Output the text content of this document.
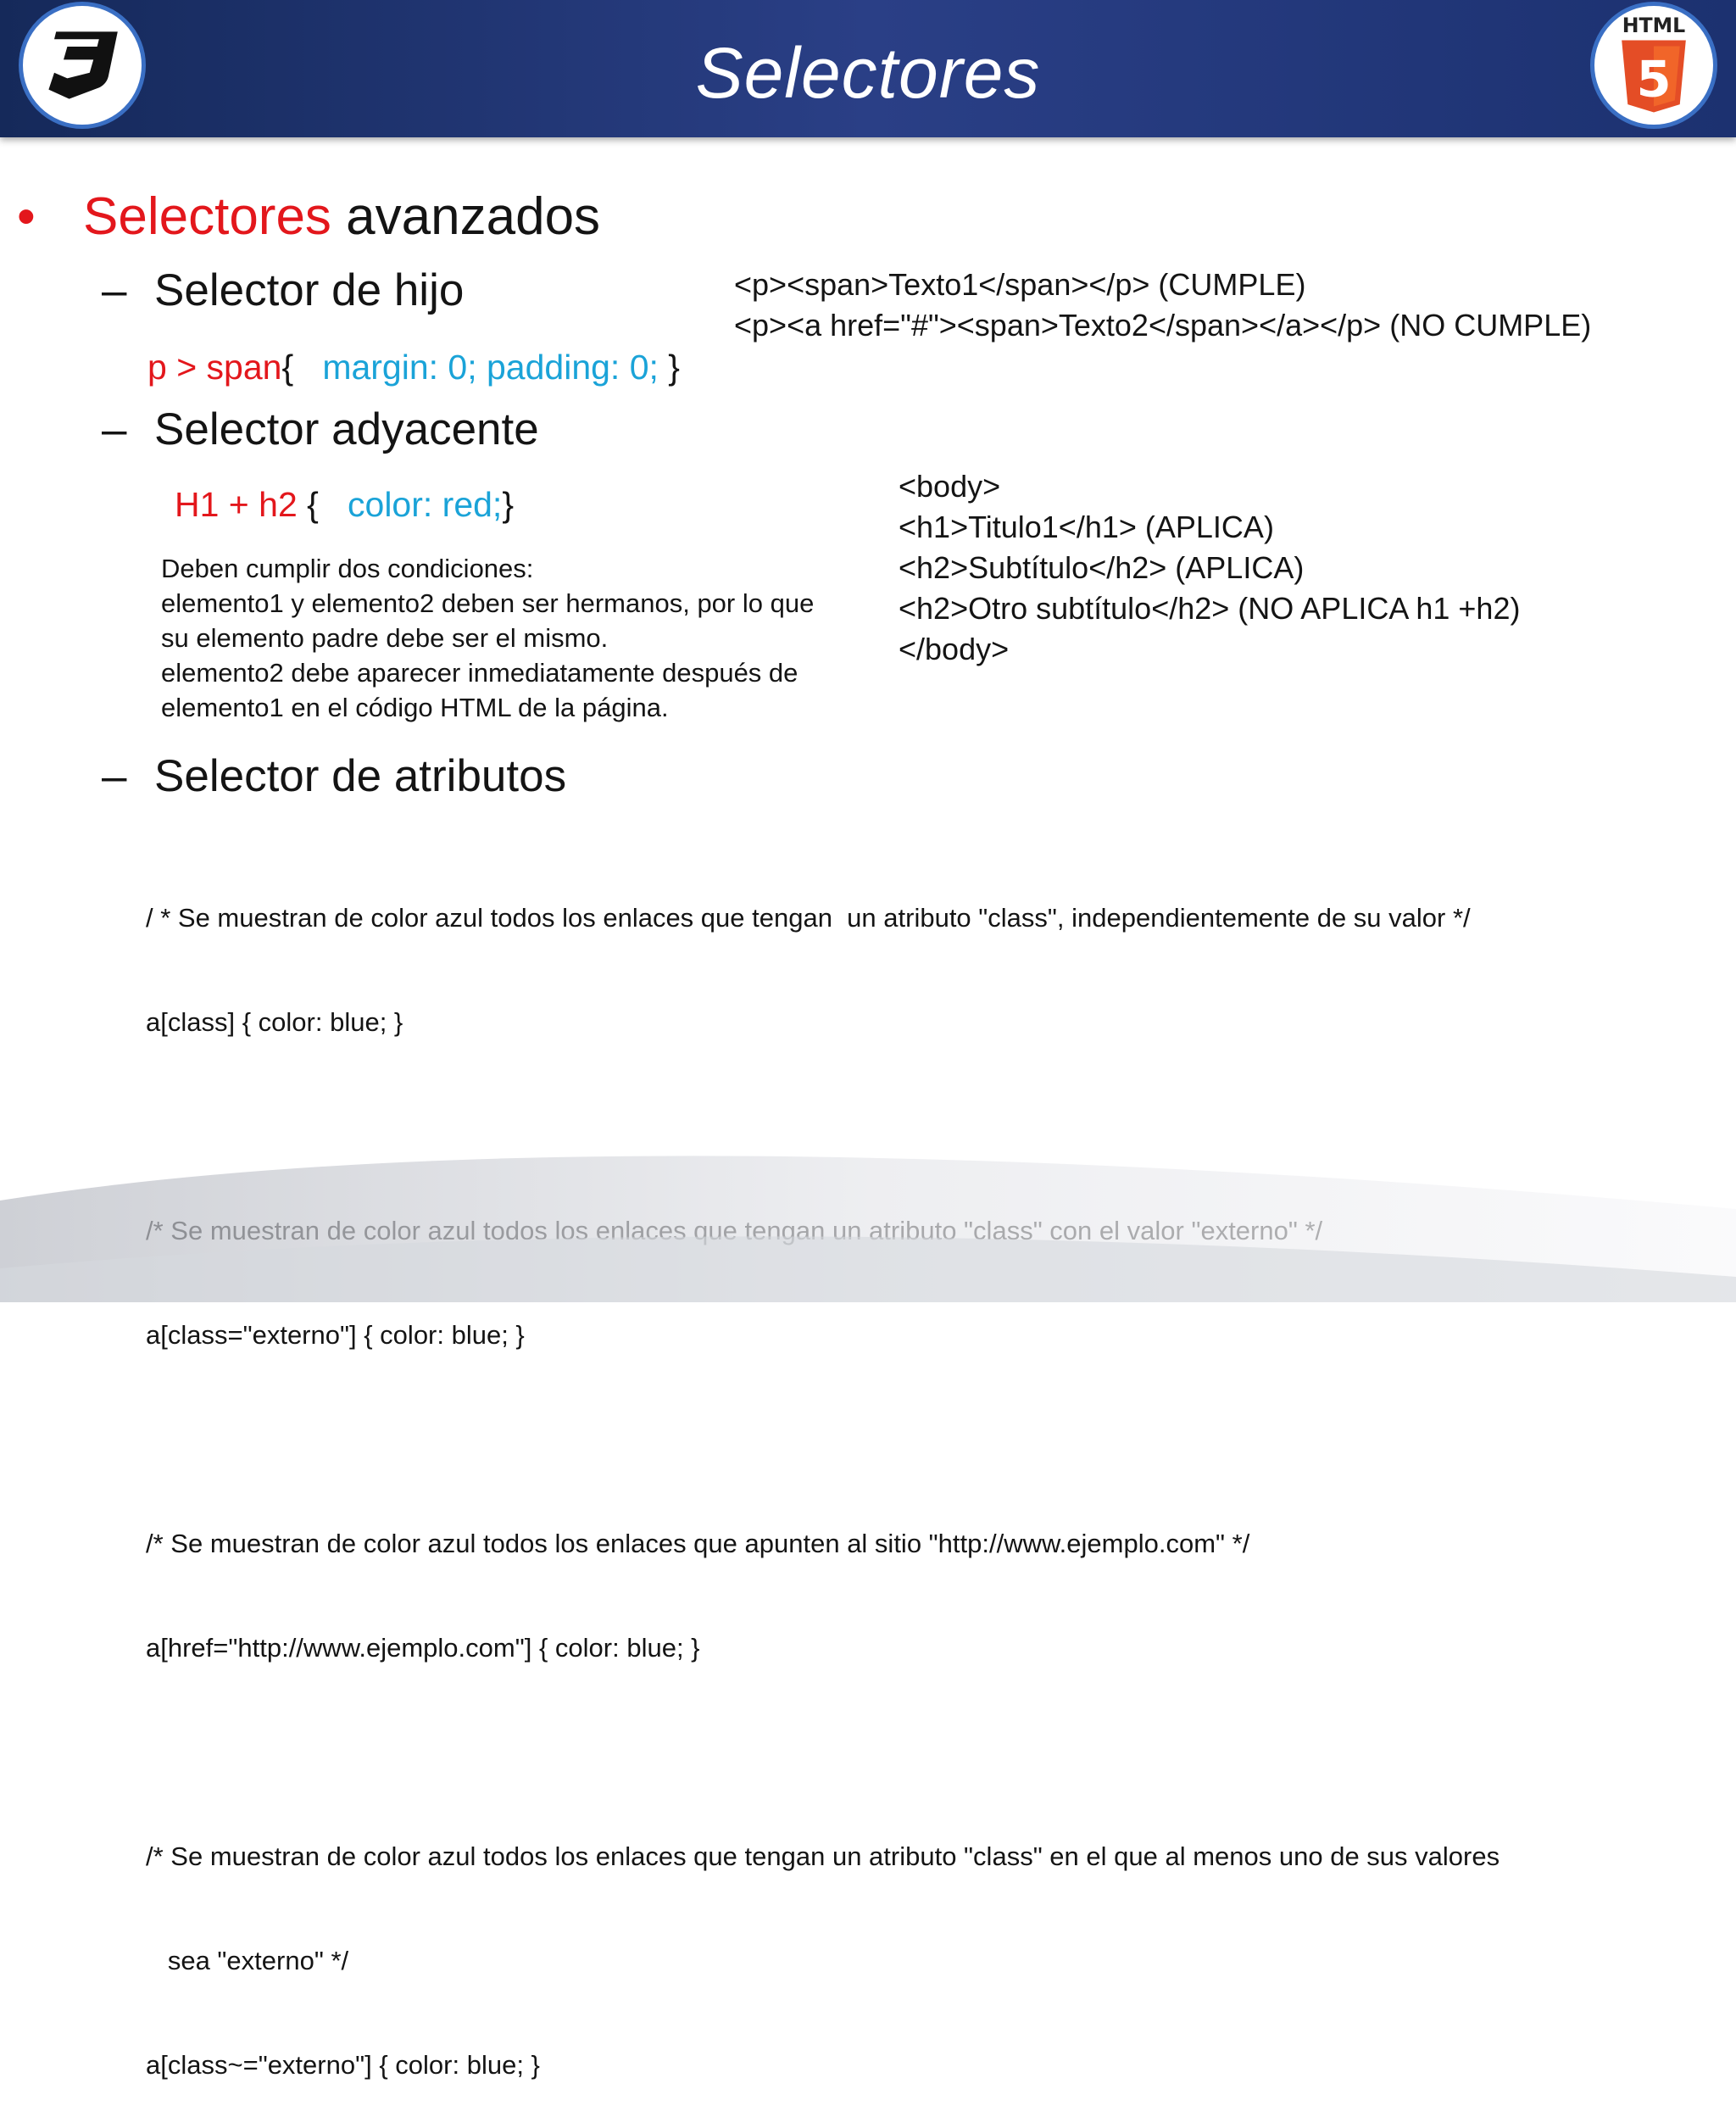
Selectores
HTML
5
• Selectores avanzados
– Selector de hijo	<p><span>Texto1</span></p> (CUMPLE)
<p><a href="#"><span>Texto2</span></a></p> (NO CUMPLE)
p > span{   margin: 0; padding: 0; }
– Selector adyacente
H1 + h2 {   color: red;}
Deben cumplir dos condiciones:
elemento1 y elemento2 deben ser hermanos, por lo que su elemento padre debe ser el mismo.
elemento2 debe aparecer inmediatamente después de elemento1 en el código HTML de la página.
<body>
<h1>Titulo1</h1> (APLICA)
<h2>Subtítulo</h2> (APLICA)
<h2>Otro subtítulo</h2> (NO APLICA h1 +h2)
</body>
– Selector de atributos

/ * Se muestran de color azul todos los enlaces que tengan  un atributo "class", independientemente de su valor */

a[class] { color: blue; }

a[class="externo"] { color: blue; }

/* Se muestran de color azul todos los enlaces que apunten al sitio "http://www.ejemplo.com" */

a[href="http://www.ejemplo.com"] { color: blue; }

/* Se muestran de color azul todos los enlaces que tengan un atributo "class" en el que al menos uno de sus valores

sea "externo" */

a[class~="externo"] { color: blue; }
